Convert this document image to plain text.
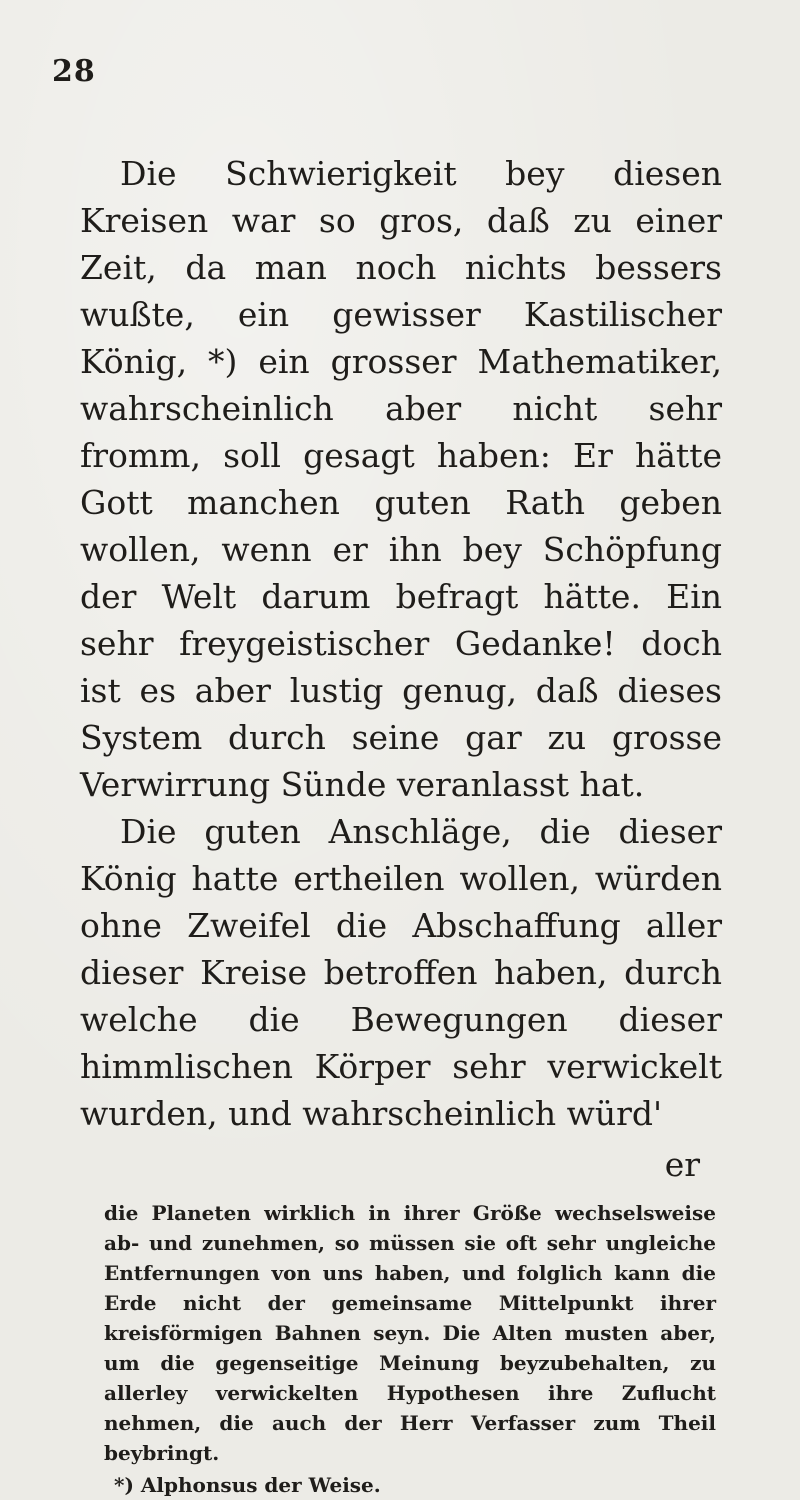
28

Die Schwierigkeit bey diesen Kreisen war so gros, daß zu einer Zeit, da man noch nichts bessers wußte, ein gewisser Kastilischer König, *) ein grosser Mathematiker, wahrscheinlich aber nicht sehr fromm, soll gesagt haben: Er hätte Gott manchen guten Rath geben wollen, wenn er ihn bey Schöpfung der Welt darum befragt hätte. Ein sehr freygeistischer Gedanke! doch ist es aber lustig genug, daß dieses System durch seine gar zu grosse Verwirrung Sünde veranlasst hat.

Die guten Anschläge, die dieser König hatte ertheilen wollen, würden ohne Zweifel die Abschaffung aller dieser Kreise betroffen haben, durch welche die Bewegungen dieser himmlischen Körper sehr verwickelt wurden, und wahrscheinlich würd'

er

die Planeten wirklich in ihrer Größe wechselsweise ab- und zunehmen, so müssen sie oft sehr ungleiche Entfernungen von uns haben, und folglich kann die Erde nicht der gemeinsame Mittelpunkt ihrer kreisförmigen Bahnen seyn. Die Alten musten aber, um die gegenseitige Meinung beyzubehalten, zu allerley verwickelten Hypothesen ihre Zuflucht nehmen, die auch der Herr Verfasser zum Theil beybringt.

*) Alphonsus der Weise.
